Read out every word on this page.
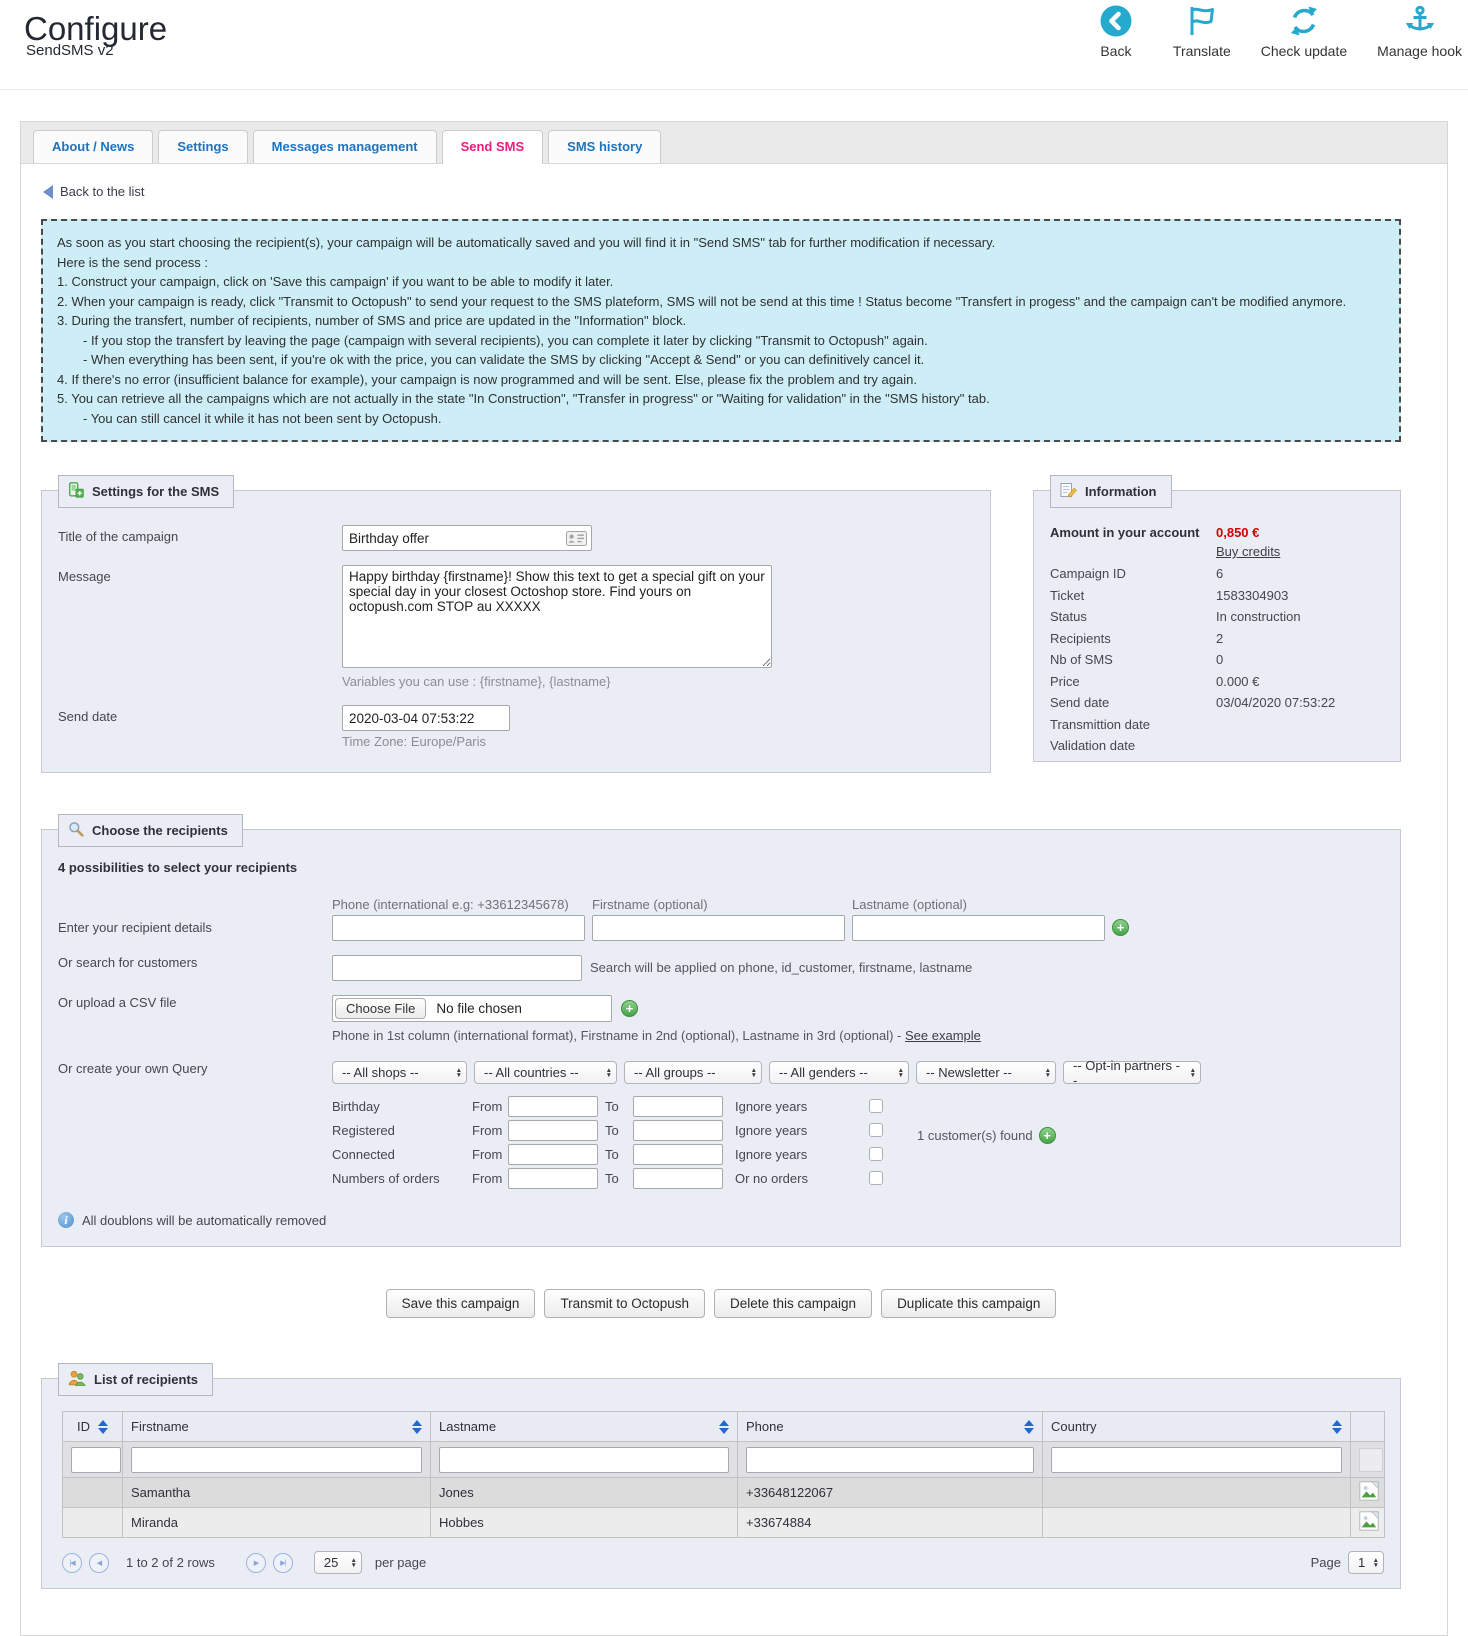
Configure
SendSMS v2	Back	Translate Check update Manage hook
About / News	Settings	Messages management	Send SMS	SMS history
Back to the list
As soon as you start choosing the recipient(s), your campaign will be automatically saved and you will find it in "Send SMS" tab for further modification if necessary.
Here is the send process :
1. Construct your campaign, click on 'Save this campaign' if you want to be able to modify it later.
2. When your campaign is ready, click "Transmit to Octopush" to send your request to the SMS plateform, SMS will not be send at this time ! Status become "Transfert in progess" and the campaign can't be modified anymore.
3. During the transfert, number of recipients, number of SMS and price are updated in the "Information" block.
- If you stop the transfert by leaving the page (campaign with several recipients), you can complete it later by clicking "Transmit to Octopush" again.
- When everything has been sent, if you're ok with the price, you can validate the SMS by clicking "Accept & Send" or you can definitively cancel it.
4. If there's no error (insufficient balance for example), your campaign is now programmed and will be sent. Else, please fix the problem and try again.
5. You can retrieve all the campaigns which are not actually in the state "In Construction", "Transfer in progress" or "Waiting for validation" in the "SMS history" tab.
- You can still cancel it while it has not been sent by Octopush.
Settings for the SMS
Title of the campaign
Birthday offer
Message
Happy birthday {firstname}! Show this text to get a special gift on your special day in your closest Octoshop store. Find yours on octopush.com STOP au XXXXX
Variables you can use : {firstname}, {lastname}
Send date
2020-03-04 07:53:22
Time Zone: Europe/Paris
Information
Amount in your account	0,850 €
Buy credits
Campaign ID	6
Ticket	1583304903
Status	In construction
Recipients	2
Nb of SMS	0
Price	0.000 €
Send date	03/04/2020 07:53:22
Transmittion date
Validation date
Choose the recipients
4 possibilities to select your recipients
Enter your recipient details
Phone (international e.g: +33612345678)	Firstname (optional)	Lastname (optional)
+
Or search for customers	Search will be applied on phone, id_customer, firstname, lastname
Or upload a CSV file	Choose File	No file chosen	+
Phone in 1st column (international format), Firstname in 2nd (optional), Lastname in 3rd (optional) - See example
Or create your own Query	-- All shops --	▲
▼ -- All countries --	▲
▼ -- All groups --	▲
▼ -- All genders --	▲
▼ -- Newsletter --	▲
▼
-- Opt-in partners --
▲
▼
Birthday	From	To	Ignore years
Registered	From	To	Ignore years
Connected	From	To	Ignore years
Numbers of orders	From	To	Or no orders
1 customer(s) found +
i	All doublons will be automatically removed
Save this campaign	Transmit to Octopush	Delete this campaign	Duplicate this campaign
List of recipients
ID	Firstname	Lastname	Phone	Country	

	Samantha	Jones	+33648122067		
	Miranda	Hobbes	+33674884		
|◀	◀	1 to 2 of 2 rows	▶	▶|	25 ▲
▼ per page	Page 1 ▲
▼
